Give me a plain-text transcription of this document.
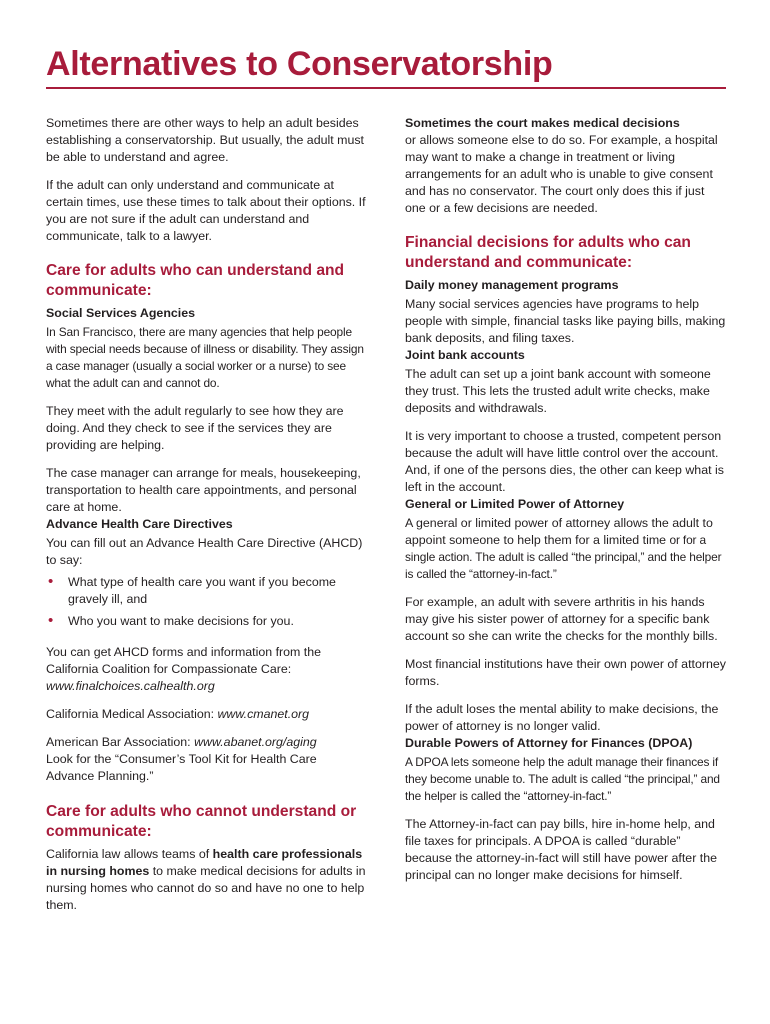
Alternatives to Conservatorship

Sometimes there are other ways to help an adult besides establishing a conservatorship. But usually, the adult must be able to understand and agree.

If the adult can only understand and communicate at certain times, use these times to talk about their options. If you are not sure if the adult can understand and communicate, talk to a lawyer.

Care for adults who can understand and communicate:

Social Services Agencies

In San Francisco, there are many agencies that help people with special needs because of illness or disability. They assign a case manager (usually a social worker or a nurse) to see what the adult can and cannot do.

They meet with the adult regularly to see how they are doing. And they check to see if the services they are providing are helping.

The case manager can arrange for meals, housekeeping, transportation to health care appointments, and personal care at home.

Advance Health Care Directives

You can fill out an Advance Health Care Directive (AHCD) to say:

• What type of health care you want if you become gravely ill, and
• Who you want to make decisions for you.

You can get AHCD forms and information from the California Coalition for Compassionate Care: www.finalchoices.calhealth.org

California Medical Association: www.cmanet.org

American Bar Association: www.abanet.org/aging
Look for the “Consumer’s Tool Kit for Health Care Advance Planning.”

Care for adults who cannot understand or communicate:

California law allows teams of health care professionals in nursing homes to make medical decisions for adults in nursing homes who cannot do so and have no one to help them.

Sometimes the court makes medical decisions
or allows someone else to do so. For example, a hospital may want to make a change in treatment or living arrangements for an adult who is unable to give consent and has no conservator. The court only does this if just one or a few decisions are needed.

Financial decisions for adults who can understand and communicate:

Daily money management programs

Many social services agencies have programs to help people with simple, financial tasks like paying bills, making bank deposits, and filing taxes.

Joint bank accounts

The adult can set up a joint bank account with someone they trust. This lets the trusted adult write checks, make deposits and withdrawals.

It is very important to choose a trusted, competent person because the adult will have little control over the account. And, if one of the persons dies, the other can keep what is left in the account.

General or Limited Power of Attorney

A general or limited power of attorney allows the adult to appoint someone to help them for a limited time or for a single action. The adult is called “the principal,” and the helper is called the “attorney-in-fact.”

For example, an adult with severe arthritis in his hands may give his sister power of attorney for a specific bank account so she can write the checks for the monthly bills.

Most financial institutions have their own power of attorney forms.

If the adult loses the mental ability to make decisions, the power of attorney is no longer valid.

Durable Powers of Attorney for Finances (DPOA)

A DPOA lets someone help the adult manage their finances if they become unable to. The adult is called “the principal,” and the helper is called the “attorney-in-fact.”

The Attorney-in-fact can pay bills, hire in-home help, and file taxes for principals. A DPOA is called “durable” because the attorney-in-fact will still have power after the principal can no longer make decisions for himself.
